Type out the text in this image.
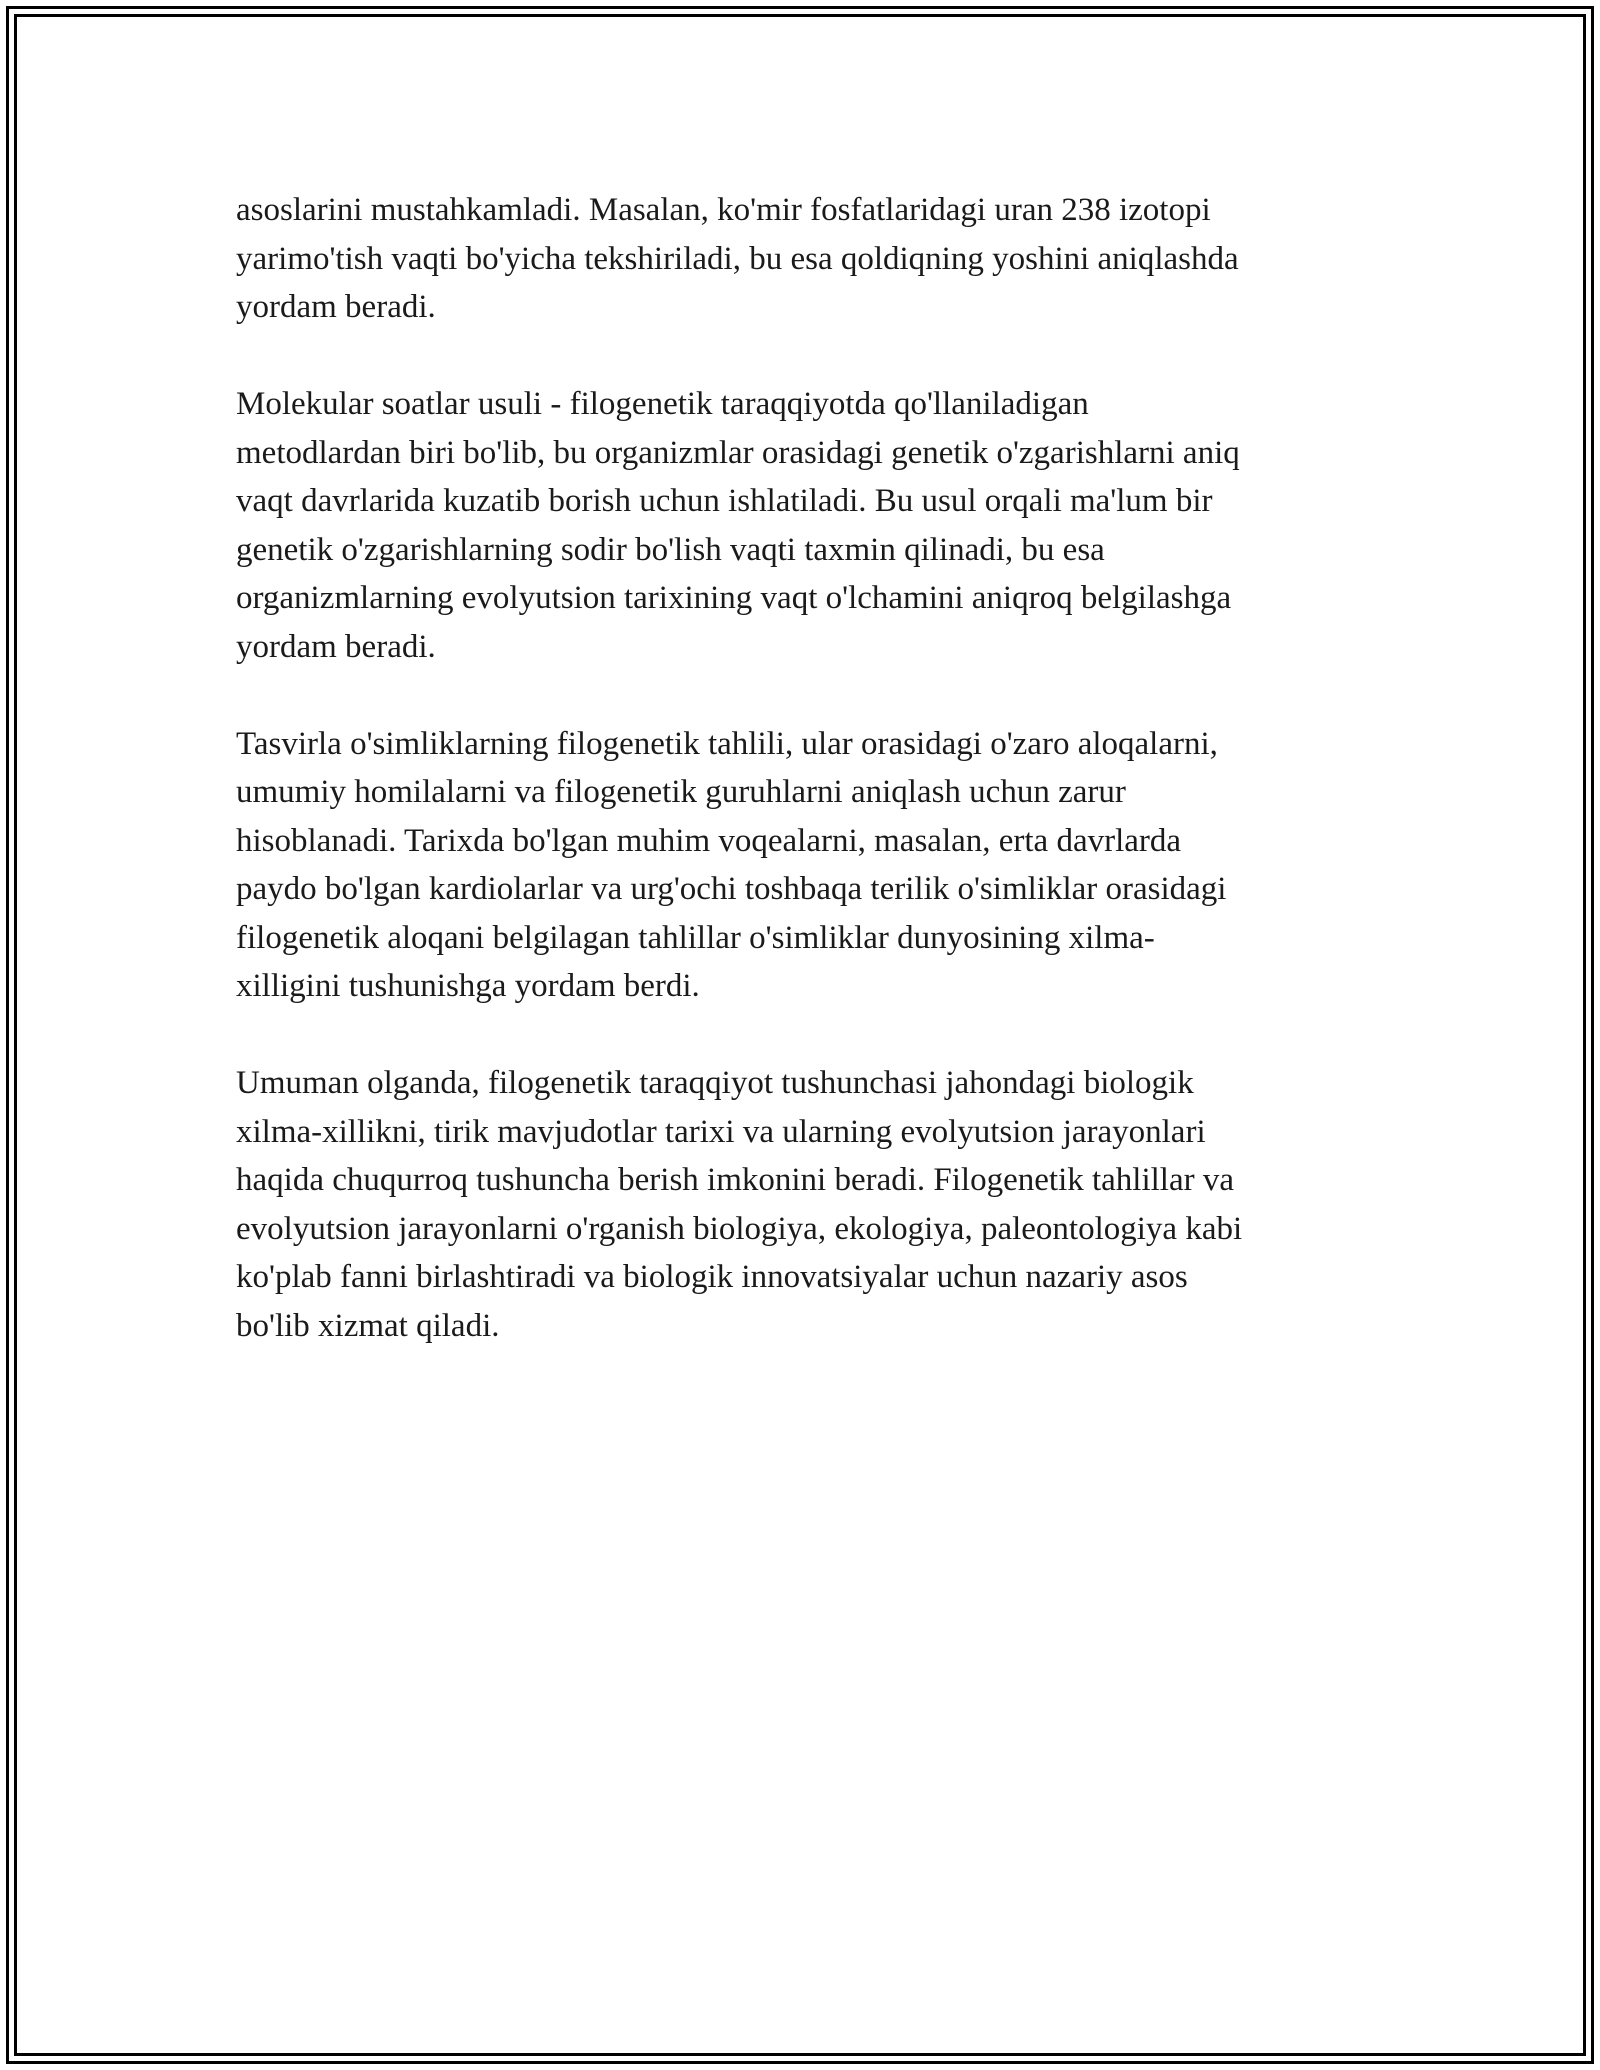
asoslarini mustahkamladi. Masalan, ko'mir fosfatlaridagi uran 238 izotopi
yarimo'tish vaqti bo'yicha tekshiriladi, bu esa qoldiqning yoshini aniqlashda
yordam beradi.

Molekular soatlar usuli - filogenetik taraqqiyotda qo'llaniladigan
metodlardan biri bo'lib, bu organizmlar orasidagi genetik o'zgarishlarni aniq
vaqt davrlarida kuzatib borish uchun ishlatiladi. Bu usul orqali ma'lum bir
genetik o'zgarishlarning sodir bo'lish vaqti taxmin qilinadi, bu esa
organizmlarning evolyutsion tarixining vaqt o'lchamini aniqroq belgilashga
yordam beradi.

Tasvirla o'simliklarning filogenetik tahlili, ular orasidagi o'zaro aloqalarni,
umumiy homilalarni va filogenetik guruhlarni aniqlash uchun zarur
hisoblanadi. Tarixda bo'lgan muhim voqealarni, masalan, erta davrlarda
paydo bo'lgan kardiolarlar va urg'ochi toshbaqa terilik o'simliklar orasidagi
filogenetik aloqani belgilagan tahlillar o'simliklar dunyosining xilma-
xilligini tushunishga yordam berdi.

Umuman olganda, filogenetik taraqqiyot tushunchasi jahondagi biologik
xilma-xillikni, tirik mavjudotlar tarixi va ularning evolyutsion jarayonlari
haqida chuqurroq tushuncha berish imkonini beradi. Filogenetik tahlillar va
evolyutsion jarayonlarni o'rganish biologiya, ekologiya, paleontologiya kabi
ko'plab fanni birlashtiradi va biologik innovatsiyalar uchun nazariy asos
bo'lib xizmat qiladi.
